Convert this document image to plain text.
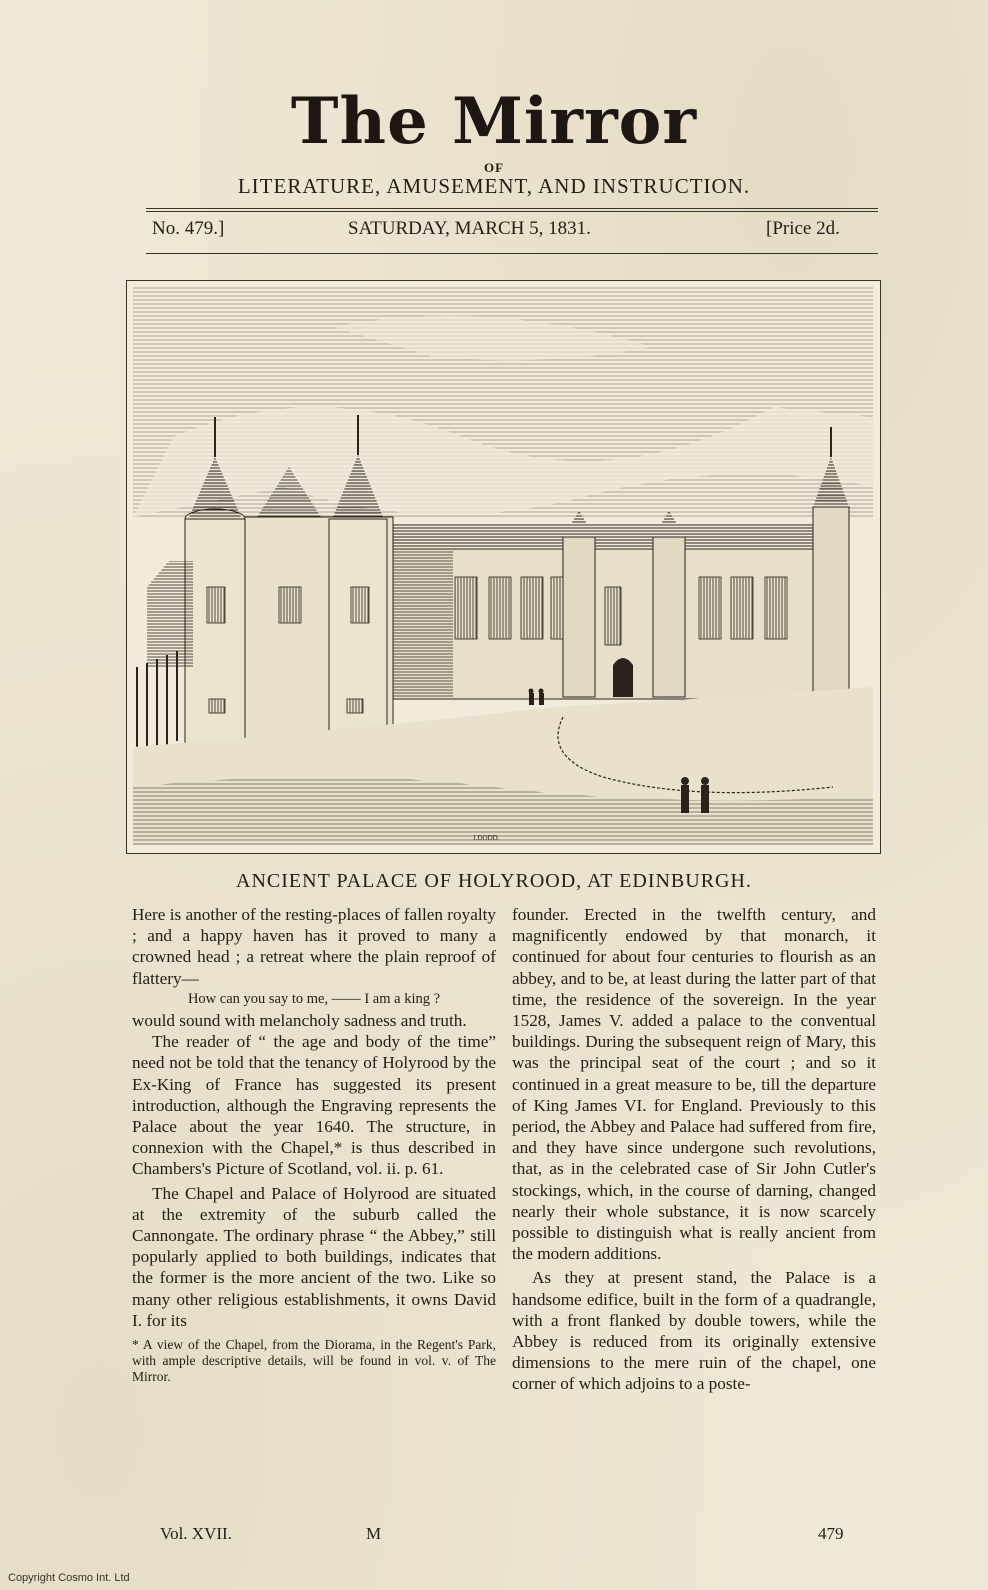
The Mirror
OF
LITERATURE, AMUSEMENT, AND INSTRUCTION.
No. 479.]	SATURDAY, MARCH 5, 1831.	[Price 2d.
J.DODD.
ANCIENT PALACE OF HOLYROOD, AT EDINBURGH.

Here is another of the resting-places of fallen royalty ; and a happy haven has it proved to many a crowned head ; a retreat where the plain reproof of flattery—

How can you say to me, —— I am a king ?

would sound with melancholy sadness and truth.

The reader of “ the age and body of the time” need not be told that the tenancy of Holyrood by the Ex-King of France has suggested its present introduction, although the Engraving represents the Palace about the year 1640. The structure, in connexion with the Chapel,* is thus described in Chambers's Picture of Scotland, vol. ii. p. 61.

The Chapel and Palace of Holyrood are situated at the extremity of the suburb called the Cannongate. The ordinary phrase “ the Abbey,” still popularly applied to both buildings, indicates that the former is the more ancient of the two. Like so many other religious establishments, it owns David I. for its

* A view of the Chapel, from the Diorama, in the Regent's Park, with ample descriptive details, will be found in vol. v. of The Mirror.

founder. Erected in the twelfth century, and magnificently endowed by that monarch, it continued for about four centuries to flourish as an abbey, and to be, at least during the latter part of that time, the residence of the sovereign. In the year 1528, James V. added a palace to the conventual buildings. During the subsequent reign of Mary, this was the principal seat of the court ; and so it continued in a great measure to be, till the departure of King James VI. for England. Previously to this period, the Abbey and Palace had suffered from fire, and they have since undergone such revolutions, that, as in the celebrated case of Sir John Cutler's stockings, which, in the course of darning, changed nearly their whole substance, it is now scarcely possible to distinguish what is really ancient from the modern additions.

As they at present stand, the Palace is a handsome edifice, built in the form of a quadrangle, with a front flanked by double towers, while the Abbey is reduced from its originally extensive dimensions to the mere ruin of the chapel, one corner of which adjoins to a poste-

Vol. XVII.	M	479
Copyright Cosmo Int. Ltd
